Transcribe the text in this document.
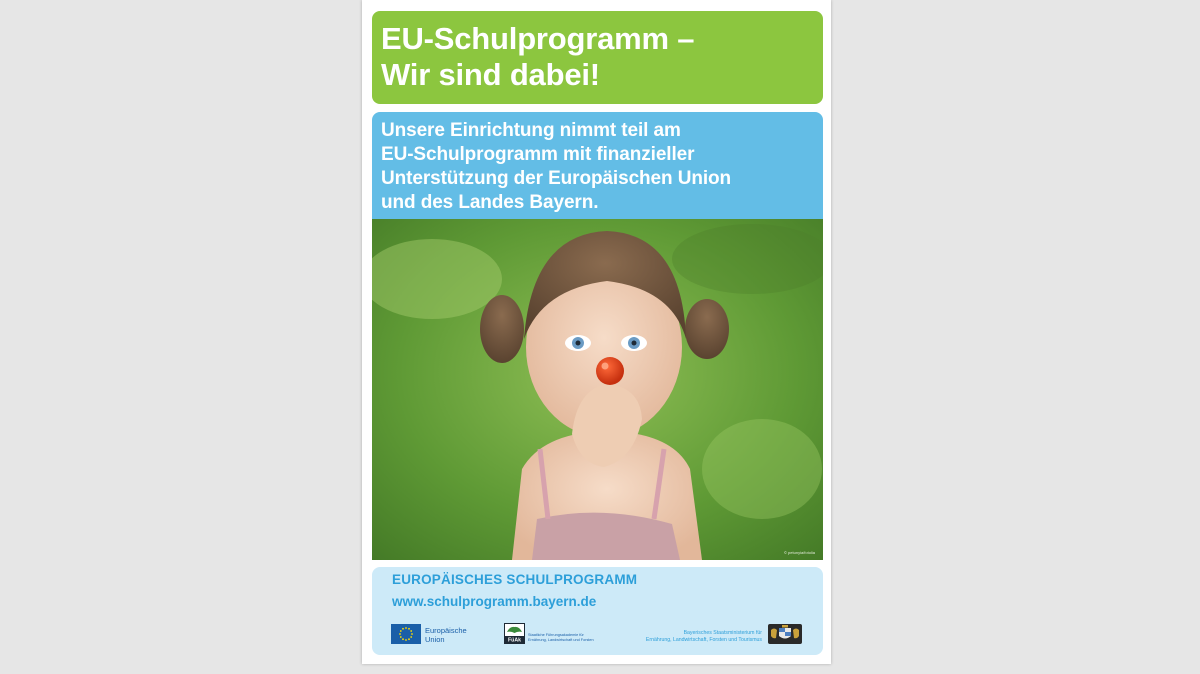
EU-Schulprogramm –
Wir sind dabei!
Unsere Einrichtung nimmt teil am
EU-Schulprogramm mit finanzieller
Unterstützung der Europäischen Union
und des Landes Bayern.
© petunyia/fotolia
EUROPÄISCHES SCHULPROGRAMM
www.schulprogramm.bayern.de
Europäische
Union	FüAk
Staatliche Führungsakademie für
Ernährung, Landwirtschaft und Forsten
Bayerisches Staatsministerium für
Ernährung, Landwirtschaft, Forsten und Tourismus
